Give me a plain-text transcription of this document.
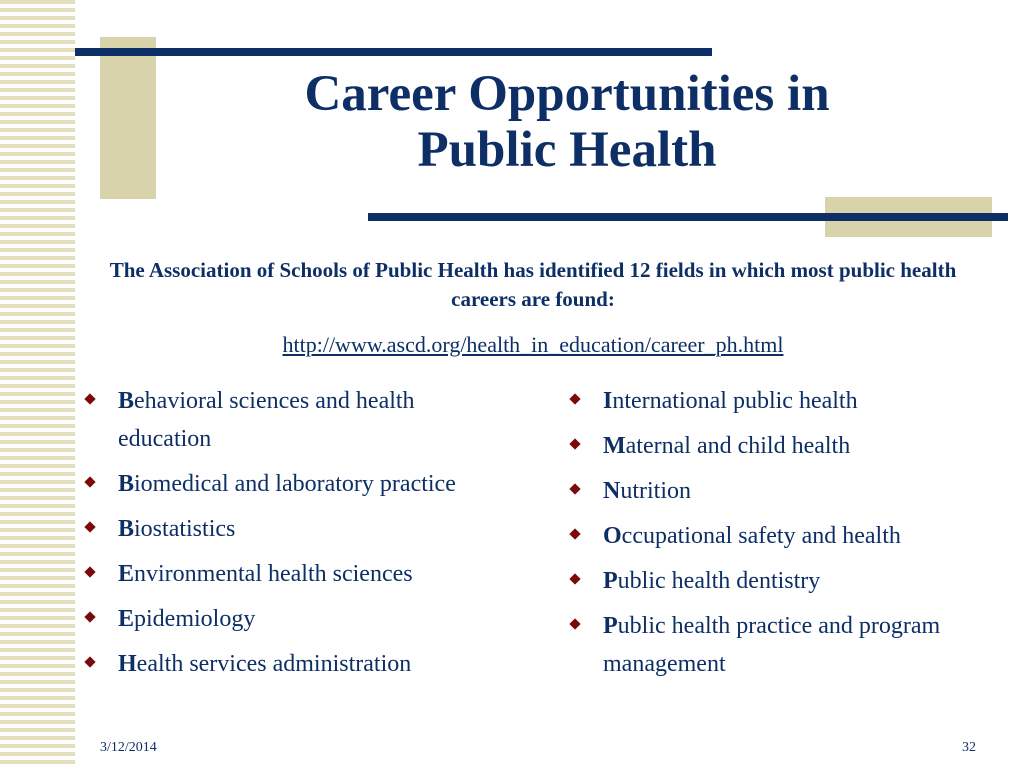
Career Opportunities in
Public Health
The Association of Schools of Public Health has identified 12 fields in which most public health careers are found:
http://www.ascd.org/health_in_education/career_ph.html
Behavioral sciences and health education
Biomedical and laboratory practice
Biostatistics
Environmental health sciences
Epidemiology
Health services administration
International public health
Maternal and child health
Nutrition
Occupational safety and health
Public health dentistry
Public health practice and program management
3/12/2014	32
